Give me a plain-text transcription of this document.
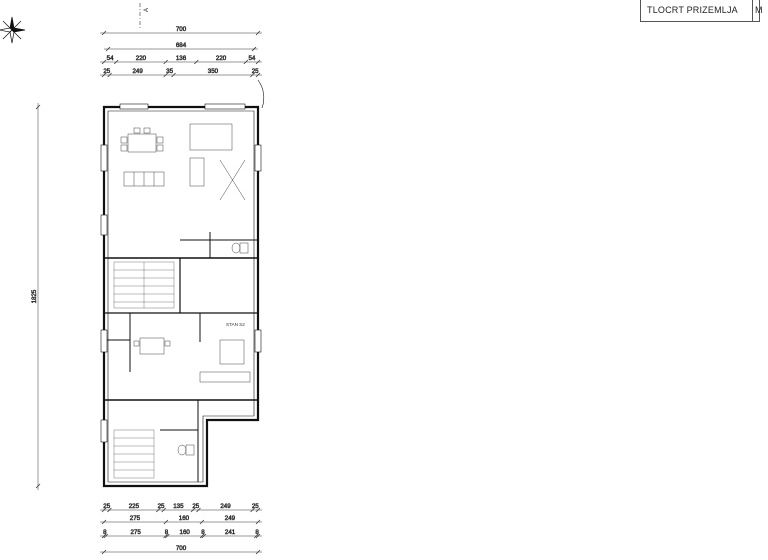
A
700
684
54	220	136	220	54
25	249	35	350	25
25	225	25 135 25	249	25
275	160	249
8	275	8 160 8	241	8
700
1825
STAN S2
TLOCRT PRIZEMLJA M
